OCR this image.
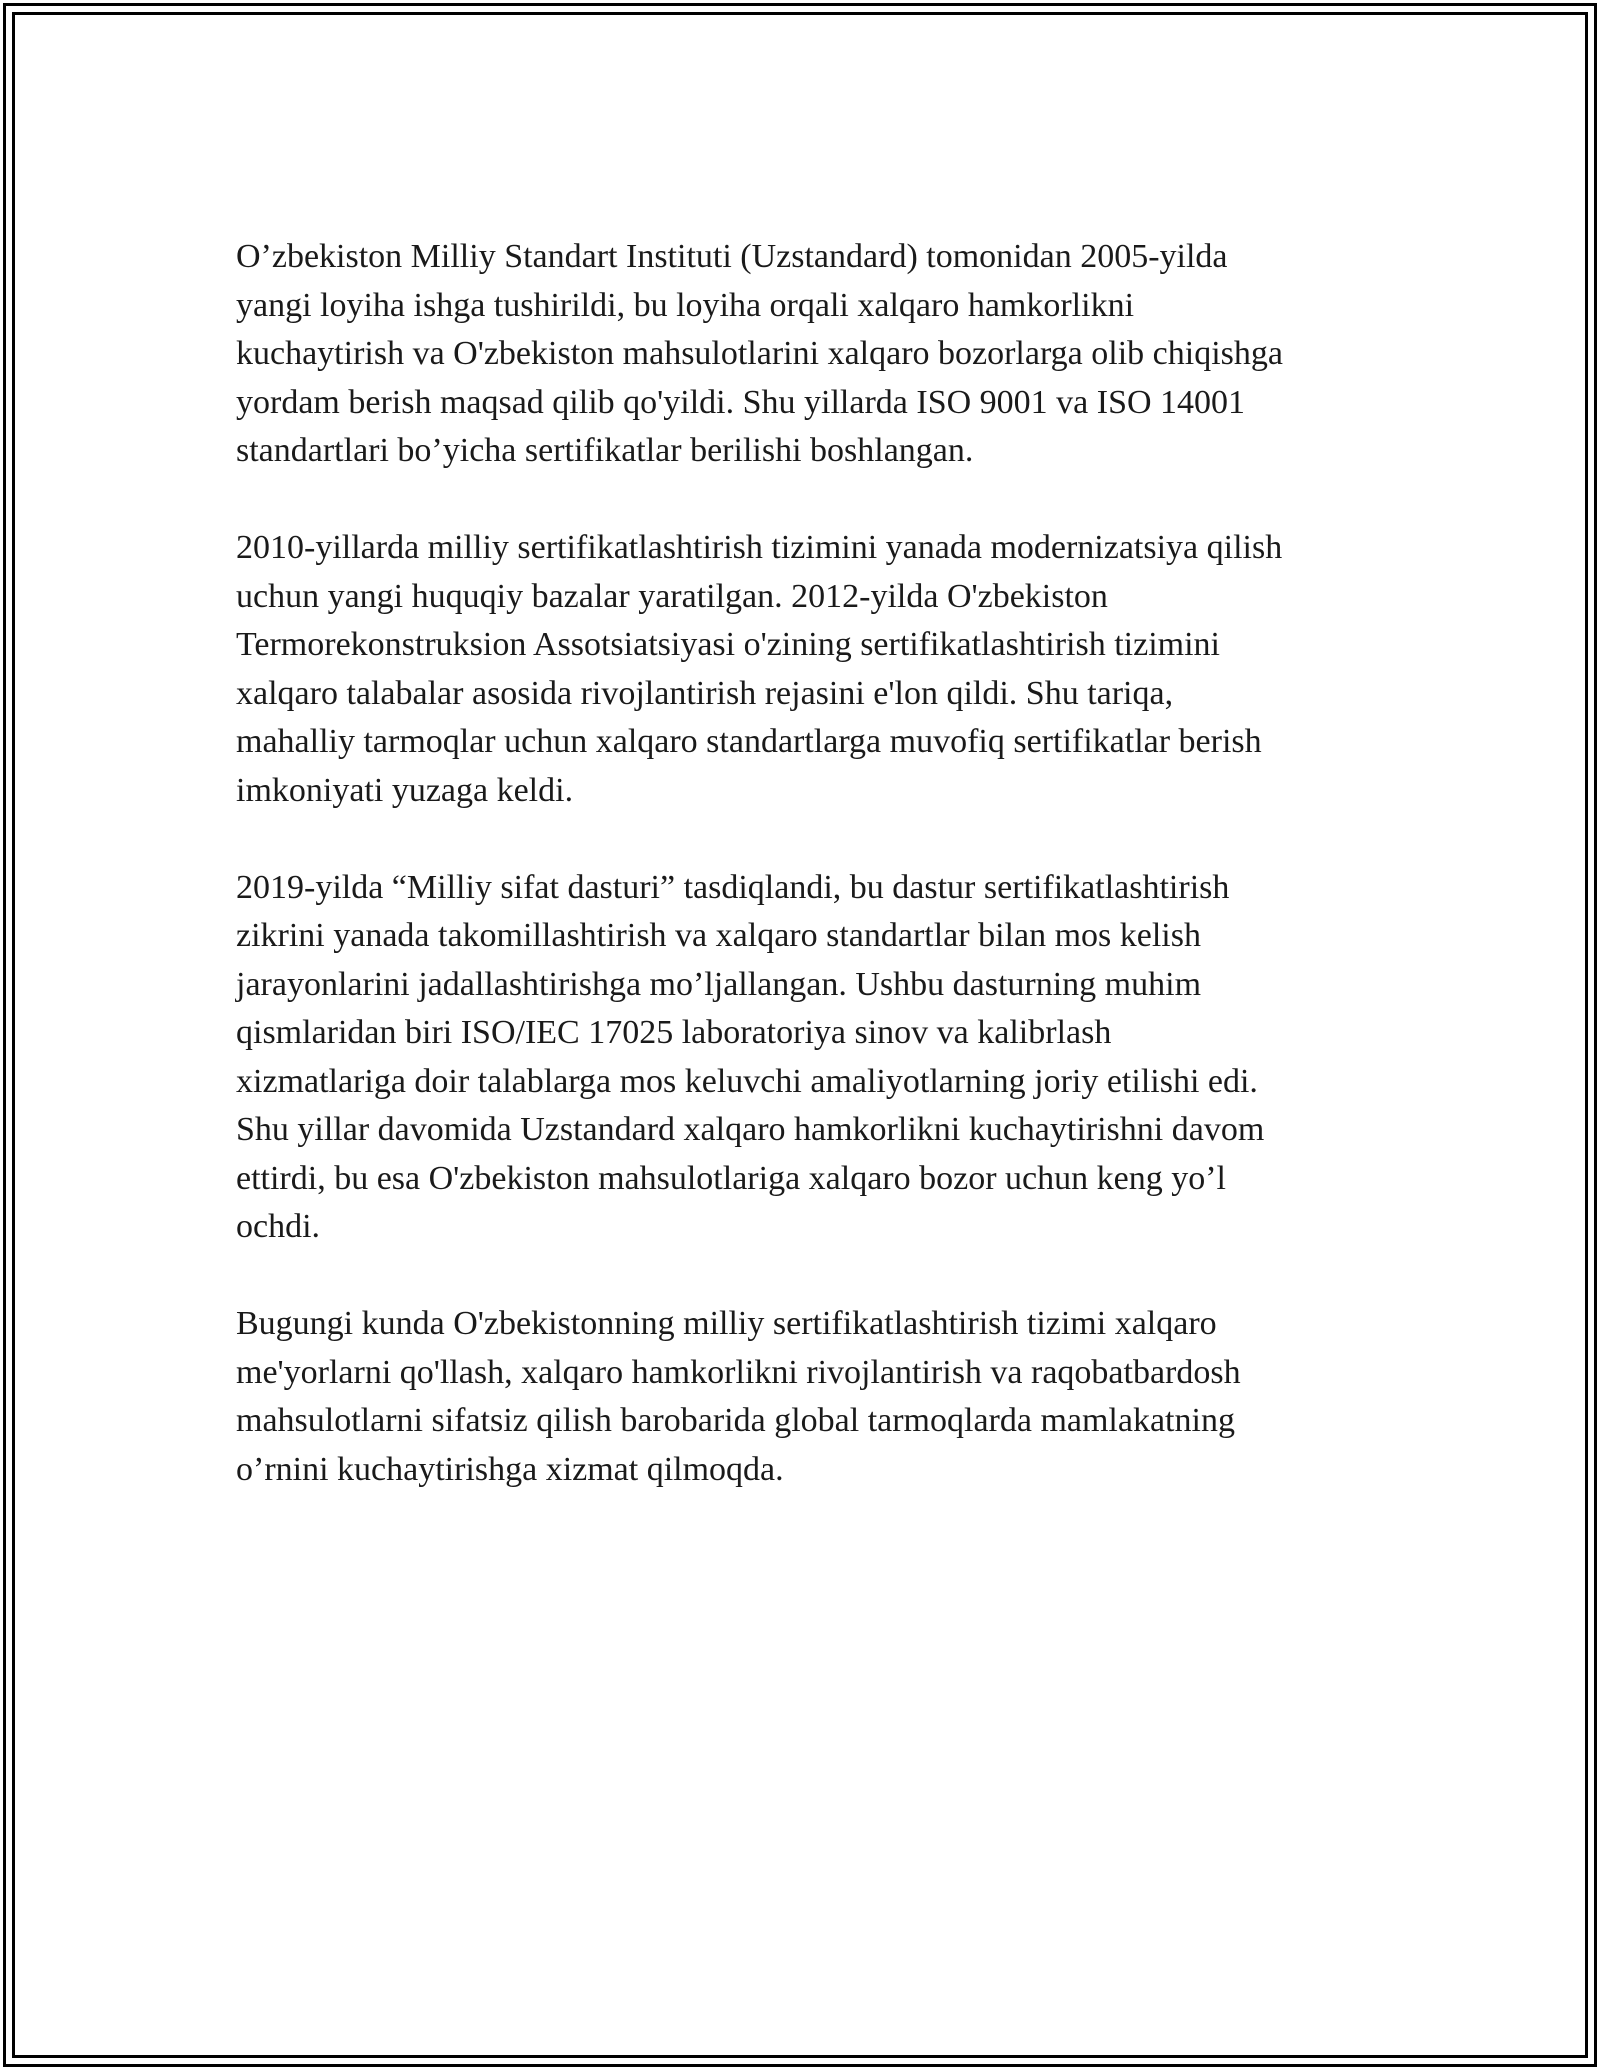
O’zbekiston Milliy Standart Instituti (Uzstandard) tomonidan 2005-yilda
yangi loyiha ishga tushirildi, bu loyiha orqali xalqaro hamkorlikni
kuchaytirish va O'zbekiston mahsulotlarini xalqaro bozorlarga olib chiqishga
yordam berish maqsad qilib qo'yildi. Shu yillarda ISO 9001 va ISO 14001
standartlari bo’yicha sertifikatlar berilishi boshlangan.

2010-yillarda milliy sertifikatlashtirish tizimini yanada modernizatsiya qilish
uchun yangi huquqiy bazalar yaratilgan. 2012-yilda O'zbekiston
Termorekonstruksion Assotsiatsiyasi o'zining sertifikatlashtirish tizimini
xalqaro talabalar asosida rivojlantirish rejasini e'lon qildi. Shu tariqa,
mahalliy tarmoqlar uchun xalqaro standartlarga muvofiq sertifikatlar berish
imkoniyati yuzaga keldi.

2019-yilda “Milliy sifat dasturi” tasdiqlandi, bu dastur sertifikatlashtirish
zikrini yanada takomillashtirish va xalqaro standartlar bilan mos kelish
jarayonlarini jadallashtirishga mo’ljallangan. Ushbu dasturning muhim
qismlaridan biri ISO/IEC 17025 laboratoriya sinov va kalibrlash
xizmatlariga doir talablarga mos keluvchi amaliyotlarning joriy etilishi edi.
Shu yillar davomida Uzstandard xalqaro hamkorlikni kuchaytirishni davom
ettirdi, bu esa O'zbekiston mahsulotlariga xalqaro bozor uchun keng yo’l
ochdi.

Bugungi kunda O'zbekistonning milliy sertifikatlashtirish tizimi xalqaro
me'yorlarni qo'llash, xalqaro hamkorlikni rivojlantirish va raqobatbardosh
mahsulotlarni sifatsiz qilish barobarida global tarmoqlarda mamlakatning
o’rnini kuchaytirishga xizmat qilmoqda.
